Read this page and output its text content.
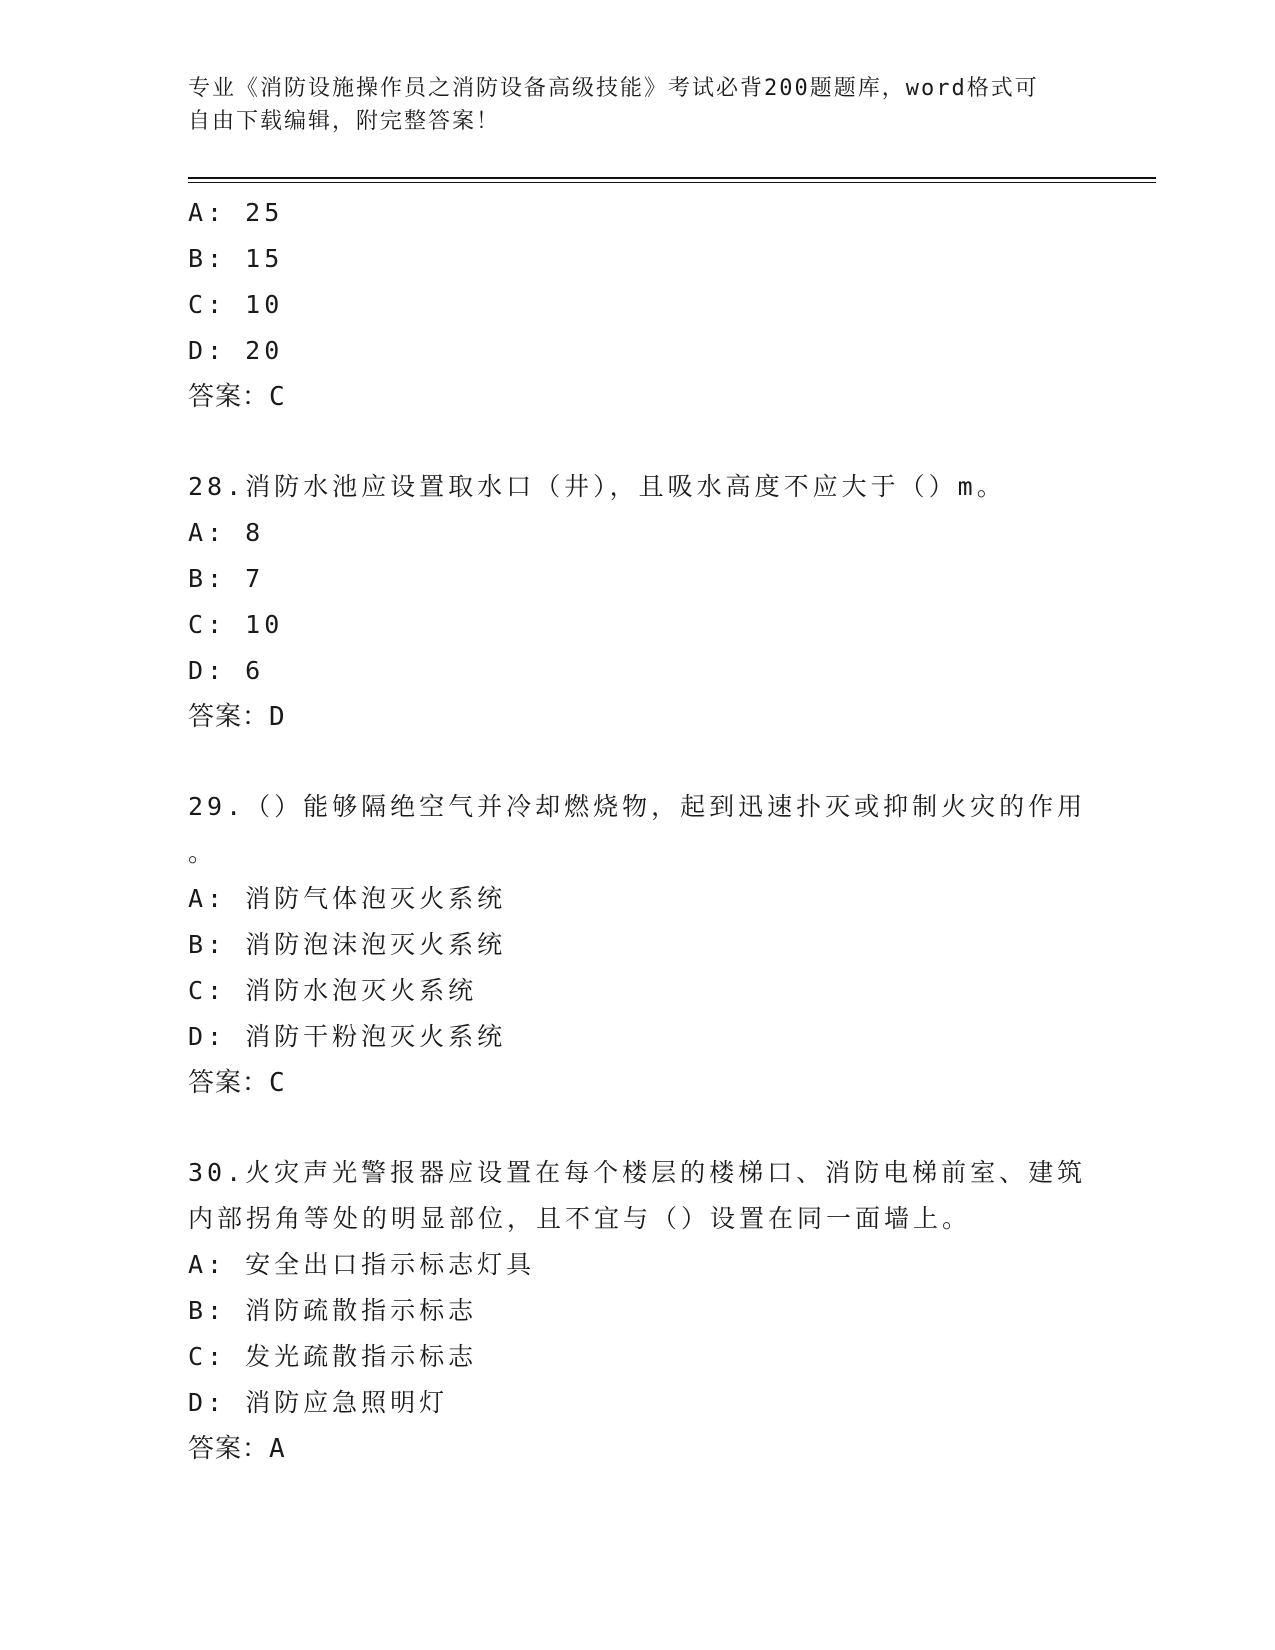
专业《消防设施操作员之消防设备高级技能》考试必背200题题库，word格式可
自由下载编辑，附完整答案！
A: 25
B: 15
C: 10
D: 20
答案：C
28.消防水池应设置取水口（井），且吸水高度不应大于（）m。
A: 8
B: 7
C: 10
D: 6
答案：D
29.（）能够隔绝空气并冷却燃烧物，起到迅速扑灭或抑制火灾的作用
。
A: 消防气体泡灭火系统
B: 消防泡沫泡灭火系统
C: 消防水泡灭火系统
D: 消防干粉泡灭火系统
答案：C
30.火灾声光警报器应设置在每个楼层的楼梯口、消防电梯前室、建筑
内部拐角等处的明显部位，且不宜与（）设置在同一面墙上。
A: 安全出口指示标志灯具
B: 消防疏散指示标志
C: 发光疏散指示标志
D: 消防应急照明灯
答案：A
